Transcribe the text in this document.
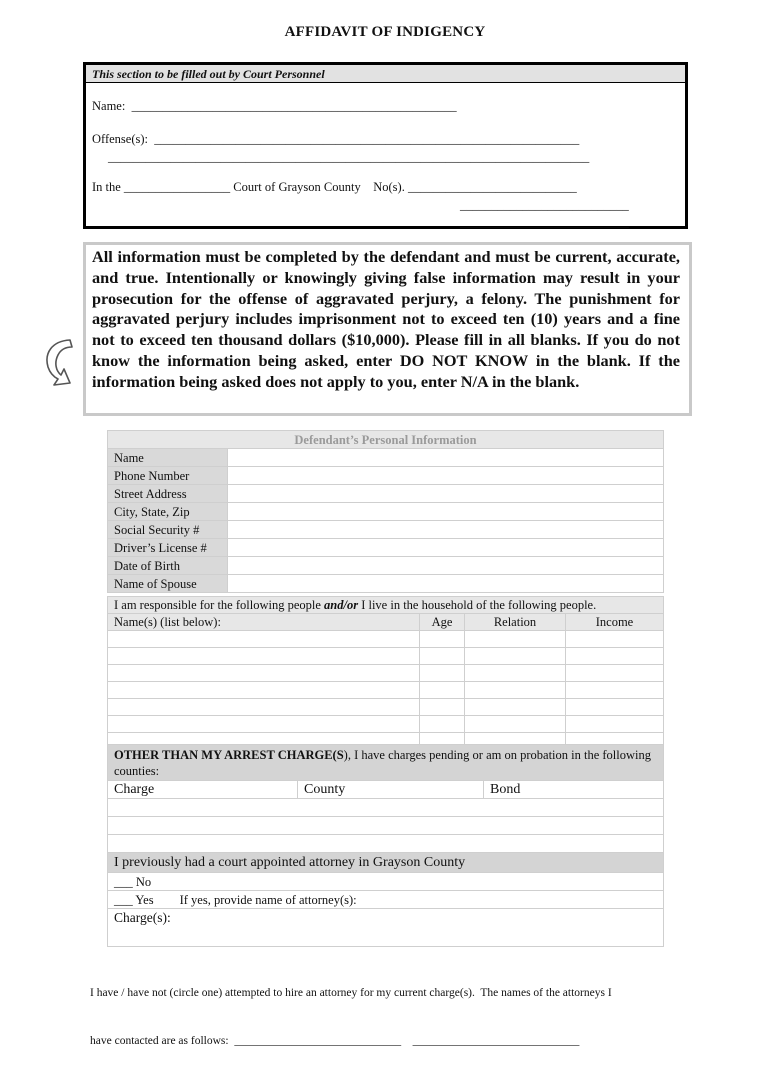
AFFIDAVIT OF INDIGENCY
This section to be filled out by Court Personnel
Name:  ____________________________________________________
Offense(s):  ____________________________________________________________________
_____________________________________________________________________________
In the _________________ Court of Grayson County    No(s). ___________________________
___________________________
___________________________
All information must be completed by the defendant and must be current, accurate, and true. Intentionally or knowingly giving false information may result in your prosecution for the offense of aggravated perjury, a felony. The punishment for aggravated perjury includes imprisonment not to exceed ten (10) years and a fine not to exceed ten thousand dollars ($10,000). Please fill in all blanks. If you do not know the information being asked, enter DO NOT KNOW in the blank. If the information being asked does not apply to you, enter N/A in the blank.
Defendant’s Personal Information	
Name	
Phone Number	
Street Address	
City, State, Zip	
Social Security #	
Driver’s License #	
Date of Birth	
Name of Spouse	
I am responsible for the following people and/or I live in the household of the following people.			
Name(s) (list below):	Age	Relation	Income

OTHER THAN MY ARREST CHARGE(S), I have charges pending or am on probation in the following counties:
Charge	County	Bond

I previously had a court appointed attorney in Grayson County
___ No
___ Yes If yes, provide name of attorney(s):
Charge(s):

I have / have not (circle one) attempted to hire an attorney for my current charge(s).  The names of the attorneys I

have contacted are as follows:  _____________________________    _____________________________
